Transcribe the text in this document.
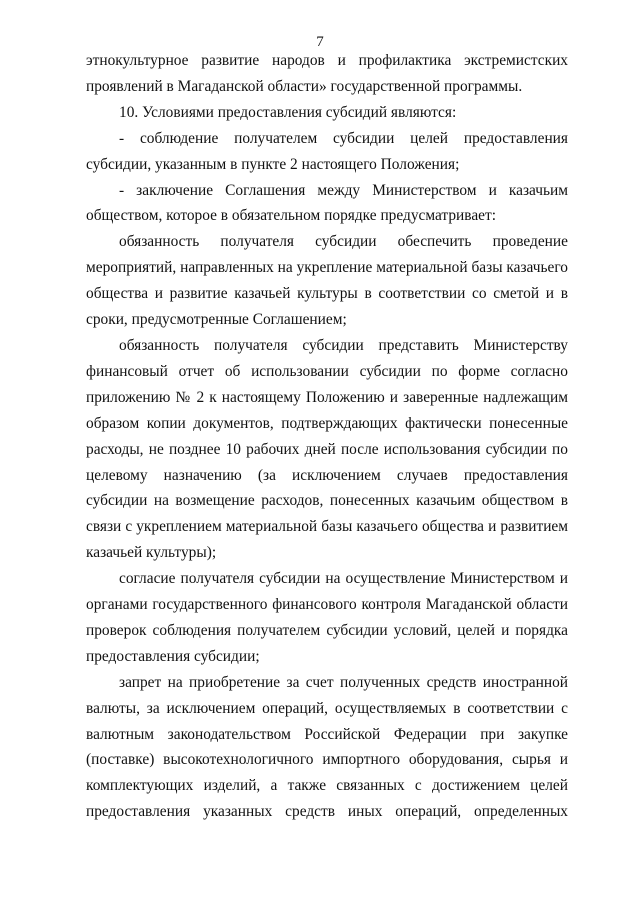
7

этнокультурное развитие народов и профилактика экстремистских проявлений в Магаданской области» государственной программы.

10. Условиями предоставления субсидий являются:

- соблюдение получателем субсидии целей предоставления субсидии, указанным в пункте 2 настоящего Положения;

- заключение Соглашения между Министерством и казачьим обществом, которое в обязательном порядке предусматривает:

обязанность получателя субсидии обеспечить проведение мероприятий, направленных на укрепление материальной базы казачьего общества и развитие казачьей культуры в соответствии со сметой и в сроки, предусмотренные Соглашением;

обязанность получателя субсидии представить Министерству финансовый отчет об использовании субсидии по форме согласно приложению № 2 к настоящему Положению и заверенные надлежащим образом копии документов, подтверждающих фактически понесенные расходы, не позднее 10 рабочих дней после использования субсидии по целевому назначению (за исключением случаев предоставления субсидии на возмещение расходов, понесенных казачьим обществом в связи с укреплением материальной базы казачьего общества и развитием казачьей культуры);

согласие получателя субсидии на осуществление Министерством и органами государственного финансового контроля Магаданской области проверок соблюдения получателем субсидии условий, целей и порядка предоставления субсидии;

запрет на приобретение за счет полученных средств иностранной валюты, за исключением операций, осуществляемых в соответствии с валютным законодательством Российской Федерации при закупке (поставке) высокотехнологичного импортного оборудования, сырья и комплектующих изделий, а также связанных с достижением целей предоставления указанных средств иных операций, определенных
